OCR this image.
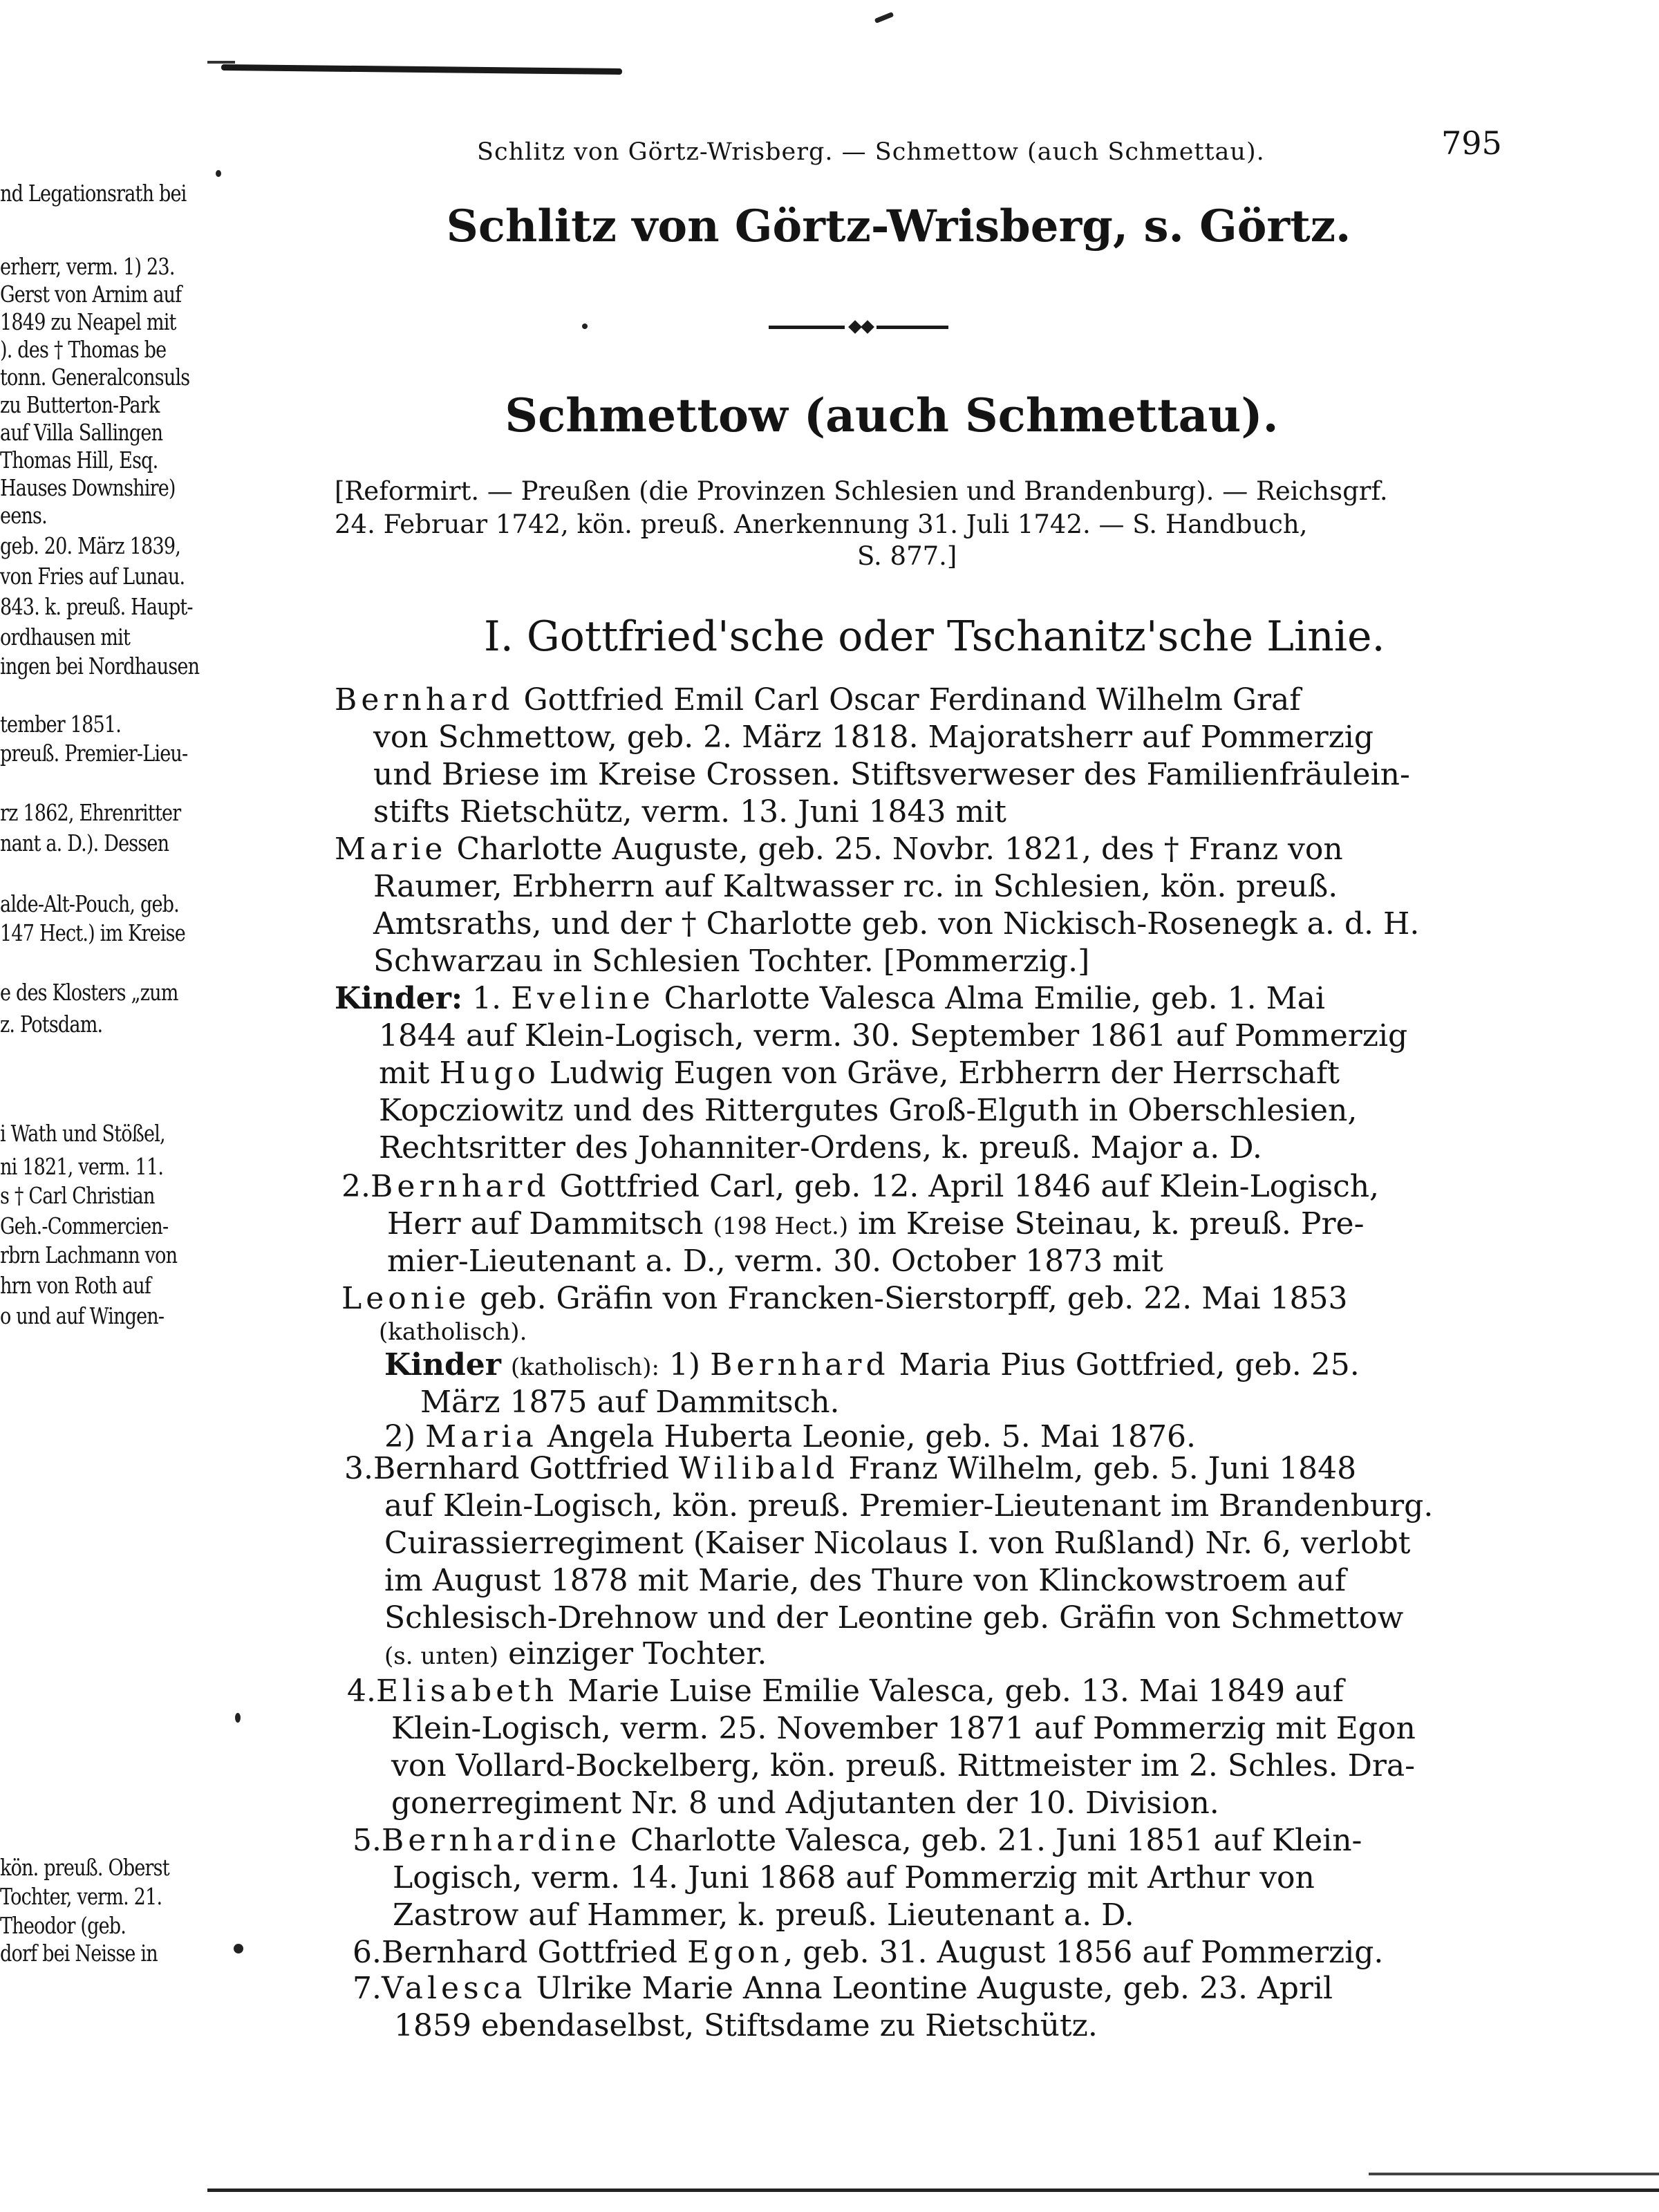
nd Legationsrath bei
erherr, verm. 1) 23.
Gerst von Arnim auf
1849 zu Neapel mit
). des † Thomas be
tonn. Generalconsuls
zu Butterton-Park
auf Villa Sallingen
Thomas Hill, Esq.
Hauses Downshire)
eens.
geb. 20. März 1839,
von Fries auf Lunau.
843. k. preuß. Haupt-
ordhausen mit
ingen bei Nordhausen
tember 1851.
preuß. Premier-Lieu-
rz 1862, Ehrenritter
nant a. D.). Dessen
alde-Alt-Pouch, geb.
147 Hect.) im Kreise
e des Klosters „zum
z. Potsdam.
i Wath und Stößel,
ni 1821, verm. 11.
s † Carl Christian
Geh.-Commercien-
rbrn Lachmann von
hrn von Roth auf
o und auf Wingen-
kön. preuß. Oberst
Tochter, verm. 21.
Theodor (geb.
dorf bei Neisse in
Schlitz von Görtz-Wrisberg. — Schmettow (auch Schmettau).	795
Schlitz von Görtz-Wrisberg, s. Görtz.
Schmettow (auch Schmettau).
[Reformirt. — Preußen (die Provinzen Schlesien und Brandenburg). — Reichsgrf.
24. Februar 1742, kön. preuß. Anerkennung 31. Juli 1742. — S. Handbuch,
S. 877.]
I. Gottfried'sche oder Tschanitz'sche Linie.
Bernhard Gottfried Emil Carl Oscar Ferdinand Wilhelm Graf
von Schmettow, geb. 2. März 1818. Majoratsherr auf Pommerzig
und Briese im Kreise Crossen. Stiftsverweser des Familienfräulein-
stifts Rietschütz, verm. 13. Juni 1843 mit
Marie Charlotte Auguste, geb. 25. Novbr. 1821, des † Franz von
Raumer, Erbherrn auf Kaltwasser rc. in Schlesien, kön. preuß.
Amtsraths, und der † Charlotte geb. von Nickisch-Rosenegk a. d. H.
Schwarzau in Schlesien Tochter. [Pommerzig.]
Kinder: 1. Eveline Charlotte Valesca Alma Emilie, geb. 1. Mai
1844 auf Klein-Logisch, verm. 30. September 1861 auf Pommerzig
mit Hugo Ludwig Eugen von Gräve, Erbherrn der Herrschaft
Kopcziowitz und des Rittergutes Groß-Elguth in Oberschlesien,
Rechtsritter des Johanniter-Ordens, k. preuß. Major a. D.
2.Bernhard Gottfried Carl, geb. 12. April 1846 auf Klein-Logisch,
Herr auf Dammitsch (198 Hect.) im Kreise Steinau, k. preuß. Pre-
mier-Lieutenant a. D., verm. 30. October 1873 mit
Leonie geb. Gräfin von Francken-Sierstorpff, geb. 22. Mai 1853
(katholisch).
Kinder (katholisch): 1) Bernhard Maria Pius Gottfried, geb. 25.
März 1875 auf Dammitsch.
2) Maria Angela Huberta Leonie, geb. 5. Mai 1876.
3.Bernhard Gottfried Wilibald Franz Wilhelm, geb. 5. Juni 1848
auf Klein-Logisch, kön. preuß. Premier-Lieutenant im Brandenburg.
Cuirassierregiment (Kaiser Nicolaus I. von Rußland) Nr. 6, verlobt
im August 1878 mit Marie, des Thure von Klinckowstroem auf
Schlesisch-Drehnow und der Leontine geb. Gräfin von Schmettow
(s. unten) einziger Tochter.
4.Elisabeth Marie Luise Emilie Valesca, geb. 13. Mai 1849 auf
Klein-Logisch, verm. 25. November 1871 auf Pommerzig mit Egon
von Vollard-Bockelberg, kön. preuß. Rittmeister im 2. Schles. Dra-
gonerregiment Nr. 8 und Adjutanten der 10. Division.
5.Bernhardine Charlotte Valesca, geb. 21. Juni 1851 auf Klein-
Logisch, verm. 14. Juni 1868 auf Pommerzig mit Arthur von
Zastrow auf Hammer, k. preuß. Lieutenant a. D.
6.Bernhard Gottfried Egon, geb. 31. August 1856 auf Pommerzig.
7.Valesca Ulrike Marie Anna Leontine Auguste, geb. 23. April
1859 ebendaselbst, Stiftsdame zu Rietschütz.
